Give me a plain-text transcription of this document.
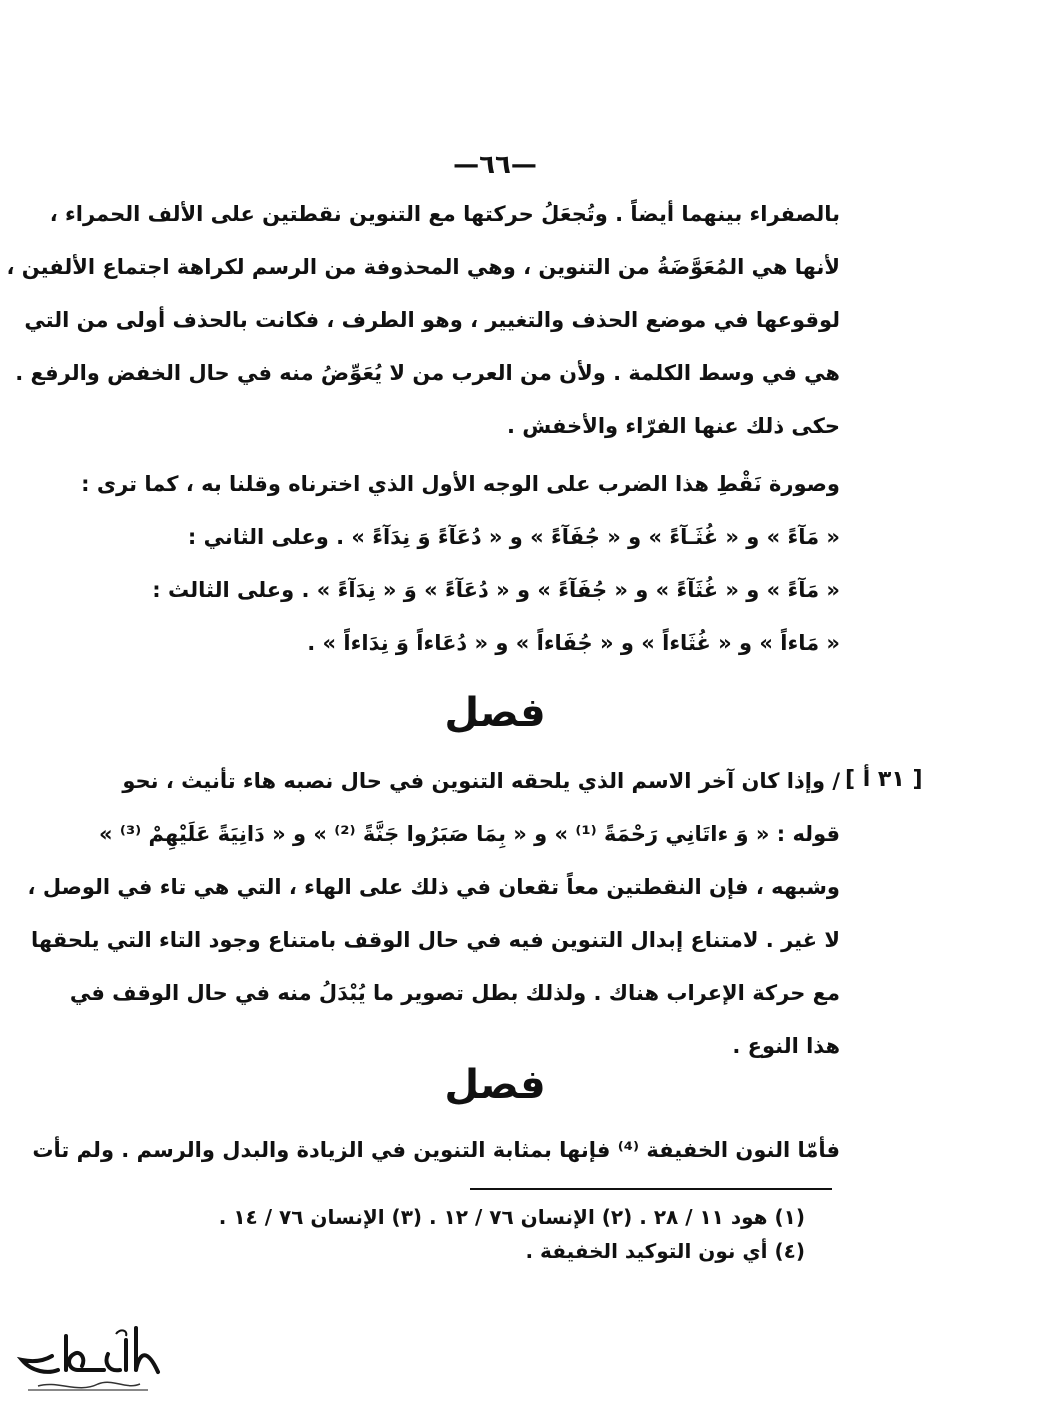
—٦٦—
بالصفراء بينهما أيضاً . وتُجعَلُ حركتها مع التنوين نقطتين على الألف الحمراء ،
لأنها هي المُعَوَّضَةُ من التنوين ، وهي المحذوفة من الرسم لكراهة اجتماع الألفين ،
لوقوعها في موضع الحذف والتغيير ، وهو الطرف ، فكانت بالحذف أولى من التي
هي في وسط الكلمة . ولأن من العرب من لا يُعَوِّضُ منه في حال الخفض والرفع .
حكى ذلك عنها الفرّاء والأخفش .
وصورة نَقْطِ هذا الضرب على الوجه الأول الذي اخترناه وقلنا به ، كما ترى :
« مَآءً » و « غُثَـآءً » و « جُفَآءً » و « دُعَآءً وَ نِدَآءً » . وعلى الثاني :
« مَآءً » و « غُثَآءً » و « جُفَآءً » و « دُعَآءً » وَ « نِدَآءً » . وعلى الثالث :
« مَاءاً » و « غُثَاءاً » و « جُفَاءاً » و « دُعَاءاً وَ نِدَاءاً » .
فصل
[ ٣١ أ ]
/ وإذا كان آخر الاسم الذي يلحقه التنوين في حال نصبه هاء تأنيث ، نحو
قوله : « وَ ءاتَانِي رَحْمَةً ⁽¹⁾ » و « بِمَا صَبَرُوا جَنَّةً ⁽²⁾ » و « دَانِيَةً عَلَيْهِمْ ⁽³⁾ »
وشبهه ، فإن النقطتين معاً تقعان في ذلك على الهاء ، التي هي تاء في الوصل ،
لا غير . لامتناع إبدال التنوين فيه في حال الوقف بامتناع وجود التاء التي يلحقها
مع حركة الإعراب هناك . ولذلك بطل تصوير ما يُبْدَلُ منه في حال الوقف في
هذا النوع .
فصل
فأمّا النون الخفيفة ⁽⁴⁾ فإنها بمثابة التنوين في الزيادة والبدل والرسم . ولم تأت
(١) هود ١١ / ٢٨ . (٢) الإنسان ٧٦ / ١٢ . (٣) الإنسان ٧٦ / ١٤ .
(٤) أي نون التوكيد الخفيفة .
